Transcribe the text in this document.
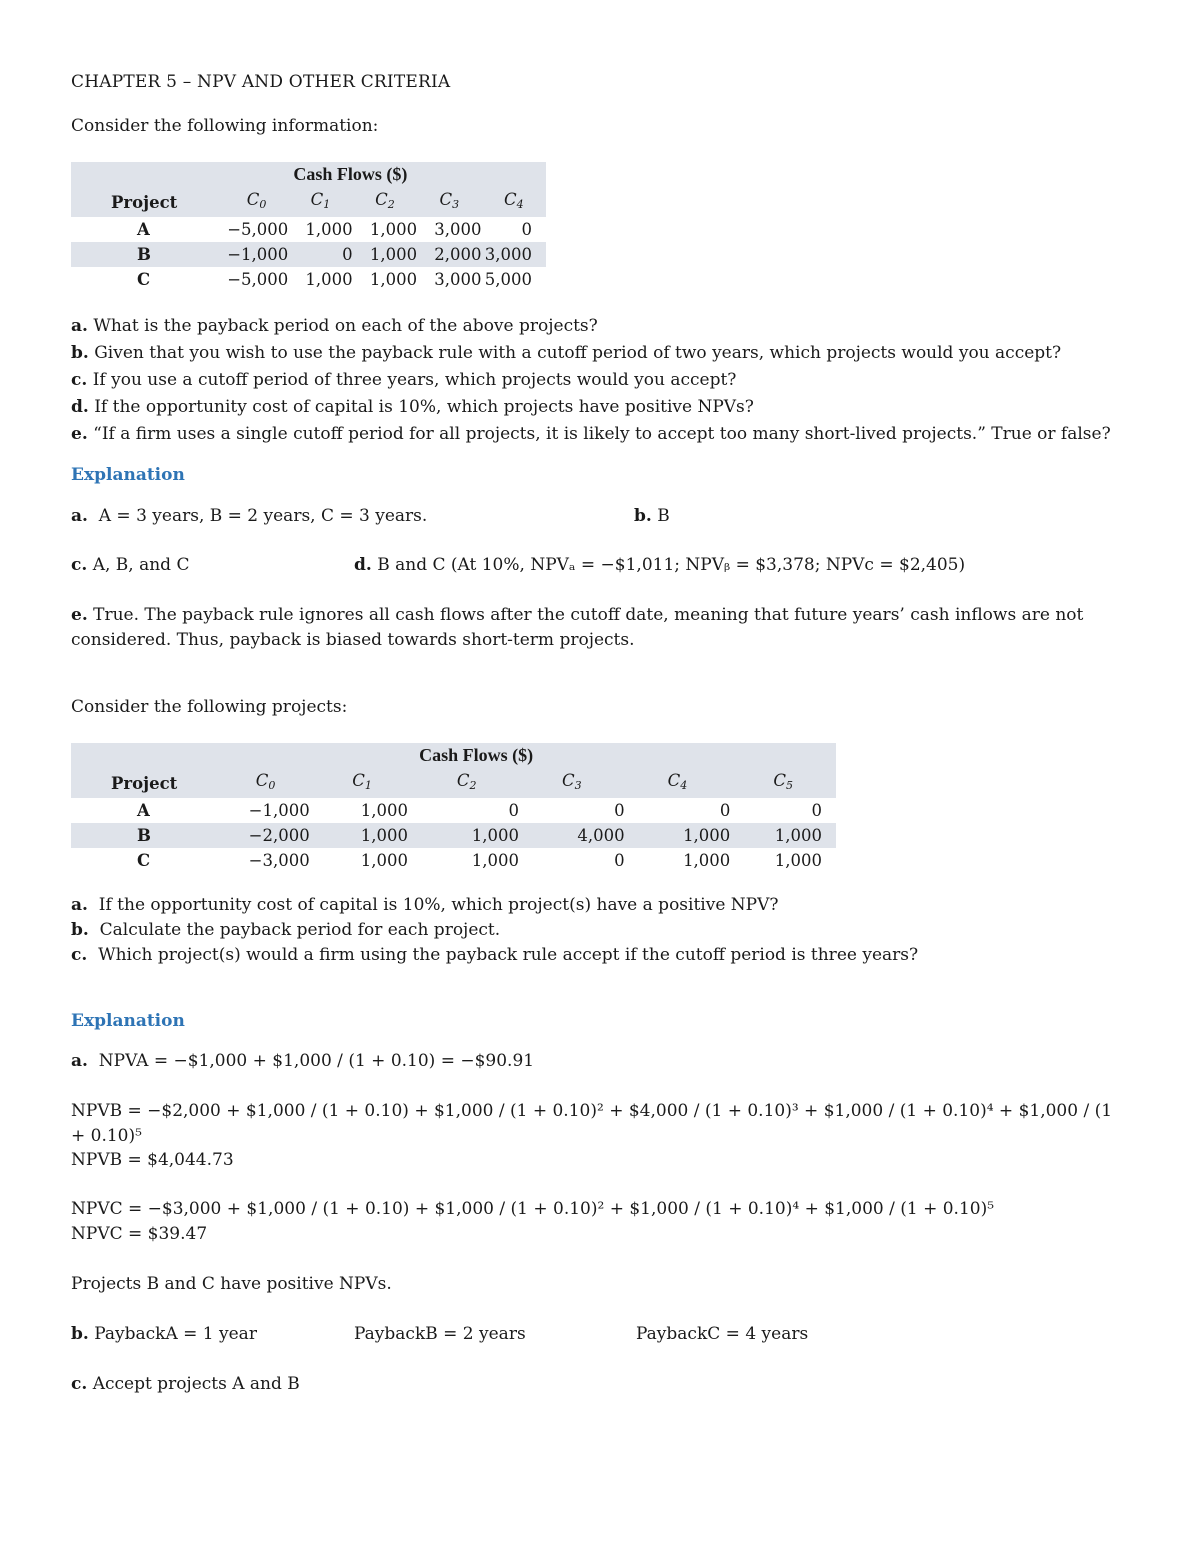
CHAPTER 5 – NPV AND OTHER CRITERIA
Consider the following information:
	Cash Flows ($)				
Project	$C_0$	$C_1$	$C_2$	$C_3$	$C_4$
A	−5,000	1,000	1,000	3,000	0
B	−1,000	0	1,000	2,000	3,000
C	−5,000	1,000	1,000	3,000	5,000
a. What is the payback period on each of the above projects?
b. Given that you wish to use the payback rule with a cutoff period of two years, which projects would you accept?
c. If you use a cutoff period of three years, which projects would you accept?
d. If the opportunity cost of capital is 10%, which projects have positive NPVs?
e. “If a firm uses a single cutoff period for all projects, it is likely to accept too many short-lived projects.” True or false?
Explanation
a. A = 3 years, B = 2 years, C = 3 years.	b. B
c. A, B, and C	d. B and C (At 10%, NPVₐ = −$1,011; NPVᵦ = $3,378; NPVc = $2,405)
e. True. The payback rule ignores all cash flows after the cutoff date, meaning that future years’ cash inflows are not considered. Thus, payback is biased towards short-term projects.
Consider the following projects:
	Cash Flows ($)					
Project	$C_0$	$C_1$	$C_2$	$C_3$	$C_4$	$C_5$
A	−1,000	1,000	0	0	0	0
B	−2,000	1,000	1,000	4,000	1,000	1,000
C	−3,000	1,000	1,000	0	1,000	1,000
a. If the opportunity cost of capital is 10%, which project(s) have a positive NPV?
b. Calculate the payback period for each project.
c. Which project(s) would a firm using the payback rule accept if the cutoff period is three years?
Explanation
a. NPVA = −$1,000 + $1,000 / (1 + 0.10) = −$90.91
NPVB = −$2,000 + $1,000 / (1 + 0.10) + $1,000 / (1 + 0.10)² + $4,000 / (1 + 0.10)³ + $1,000 / (1 + 0.10)⁴ + $1,000 / (1 + 0.10)⁵
NPVB = $4,044.73
NPVC = −$3,000 + $1,000 / (1 + 0.10) + $1,000 / (1 + 0.10)² + $1,000 / (1 + 0.10)⁴ + $1,000 / (1 + 0.10)⁵
NPVC = $39.47
Projects B and C have positive NPVs.
b. PaybackA = 1 year	PaybackB = 2 years	PaybackC = 4 years
c. Accept projects A and B
